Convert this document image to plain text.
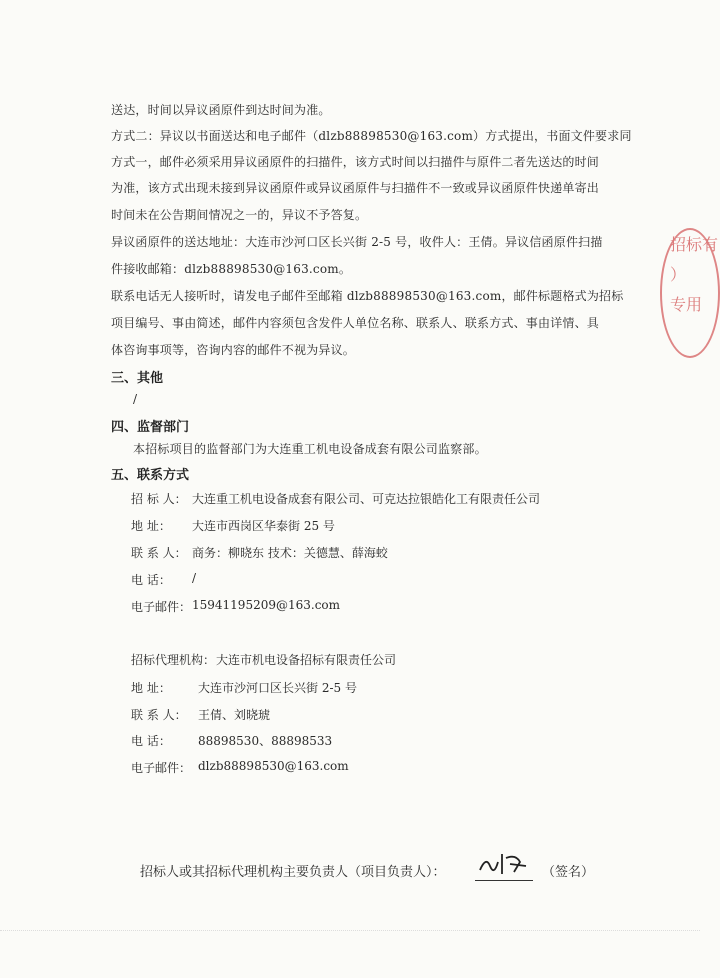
送达，时间以异议函原件到达时间为准。
方式二：异议以书面送达和电子邮件（dlzb88898530@163.com）方式提出，书面文件要求同
方式一，邮件必须采用异议函原件的扫描件，该方式时间以扫描件与原件二者先送达的时间
为准，该方式出现未接到异议函原件或异议函原件与扫描件不一致或异议函原件快递单寄出
时间未在公告期间情况之一的，异议不予答复。
异议函原件的送达地址：大连市沙河口区长兴街 2-5 号，收件人：王倩。异议信函原件扫描
件接收邮箱：dlzb88898530@163.com。
联系电话无人接听时，请发电子邮件至邮箱 dlzb88898530@163.com，邮件标题格式为招标
项目编号、事由简述，邮件内容须包含发件人单位名称、联系人、联系方式、事由详情、具
体咨询事项等，咨询内容的邮件不视为异议。
三、其他
/
四、监督部门
本招标项目的监督部门为大连重工机电设备成套有限公司监察部。
五、联系方式
招 标 人： 大连重工机电设备成套有限公司、可克达拉银皓化工有限责任公司
地 址： 大连市西岗区华泰街 25 号
联 系 人： 商务：柳晓东 技术：关德慧、薛海蛟
电 话： /
电子邮件： 15941195209@163.com
招标代理机构： 大连市机电设备招标有限责任公司
地 址： 大连市沙河口区长兴街 2-5 号
联 系 人： 王倩、刘晓琥
电 话： 88898530、88898533
电子邮件： dlzb88898530@163.com
招标人或其招标代理机构主要负责人（项目负责人）：	（签名）
招标有
）
专用
